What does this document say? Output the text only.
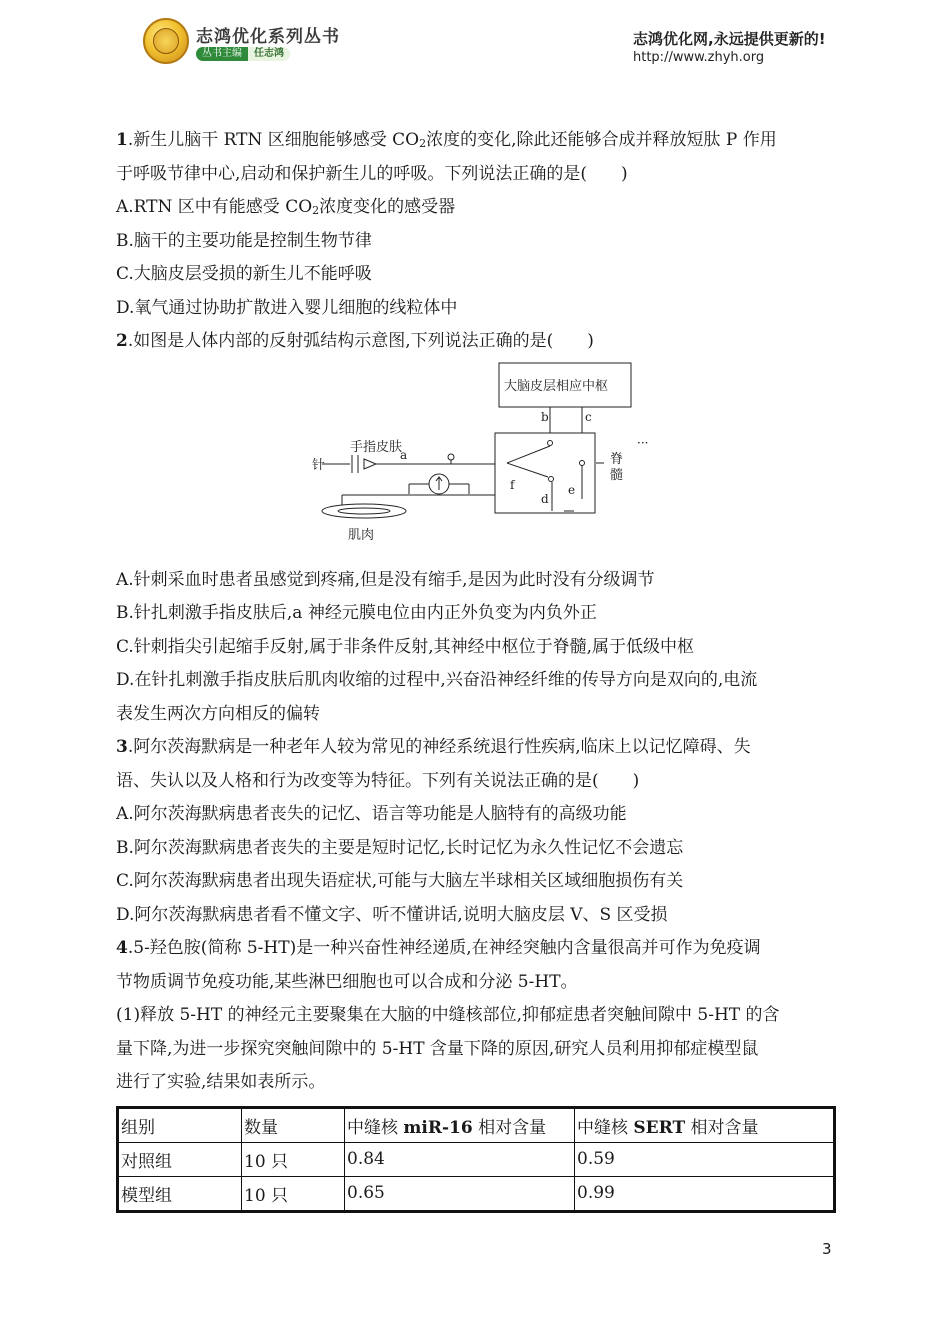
志鸿优化系列丛书
丛书主编	任志鸿
志鸿优化网,永远提供更新的!
http://www.zhyh.org
1.新生儿脑干 RTN 区细胞能够感受 $CO_2$浓度的变化,除此还能够合成并释放短肽 P 作用
于呼吸节律中心,启动和保护新生儿的呼吸。下列说法正确的是(　　)
A.RTN 区中有能感受 $CO_2$浓度变化的感受器
B.脑干的主要功能是控制生物节律
C.大脑皮层受损的新生儿不能呼吸
D.氧气通过协助扩散进入婴儿细胞的线粒体中
2.如图是人体内部的反射弧结构示意图,下列说法正确的是(　　)
大脑皮层相应中枢
b	c
脊
髓
d
e
···
针
手指皮肤
a
f
肌肉
A.针刺采血时患者虽感觉到疼痛,但是没有缩手,是因为此时没有分级调节
B.针扎刺激手指皮肤后,a 神经元膜电位由内正外负变为内负外正
C.针刺指尖引起缩手反射,属于非条件反射,其神经中枢位于脊髓,属于低级中枢
D.在针扎刺激手指皮肤后肌肉收缩的过程中,兴奋沿神经纤维的传导方向是双向的,电流
表发生两次方向相反的偏转
3.阿尔茨海默病是一种老年人较为常见的神经系统退行性疾病,临床上以记忆障碍、失
语、失认以及人格和行为改变等为特征。下列有关说法正确的是(　　)
A.阿尔茨海默病患者丧失的记忆、语言等功能是人脑特有的高级功能
B.阿尔茨海默病患者丧失的主要是短时记忆,长时记忆为永久性记忆不会遗忘
C.阿尔茨海默病患者出现失语症状,可能与大脑左半球相关区域细胞损伤有关
D.阿尔茨海默病患者看不懂文字、听不懂讲话,说明大脑皮层 V、S 区受损
4.5-羟色胺(简称 5-HT)是一种兴奋性神经递质,在神经突触内含量很高并可作为免疫调
节物质调节免疫功能,某些淋巴细胞也可以合成和分泌 5-HT。
(1)释放 5-HT 的神经元主要聚集在大脑的中缝核部位,抑郁症患者突触间隙中 5-HT 的含
量下降,为进一步探究突触间隙中的 5-HT 含量下降的原因,研究人员利用抑郁症模型鼠
进行了实验,结果如表所示。
组别	数量	中缝核 miR-16 相对含量	中缝核 SERT 相对含量
对照组	10 只	0.84	0.59
模型组	10 只	0.65	0.99
3
